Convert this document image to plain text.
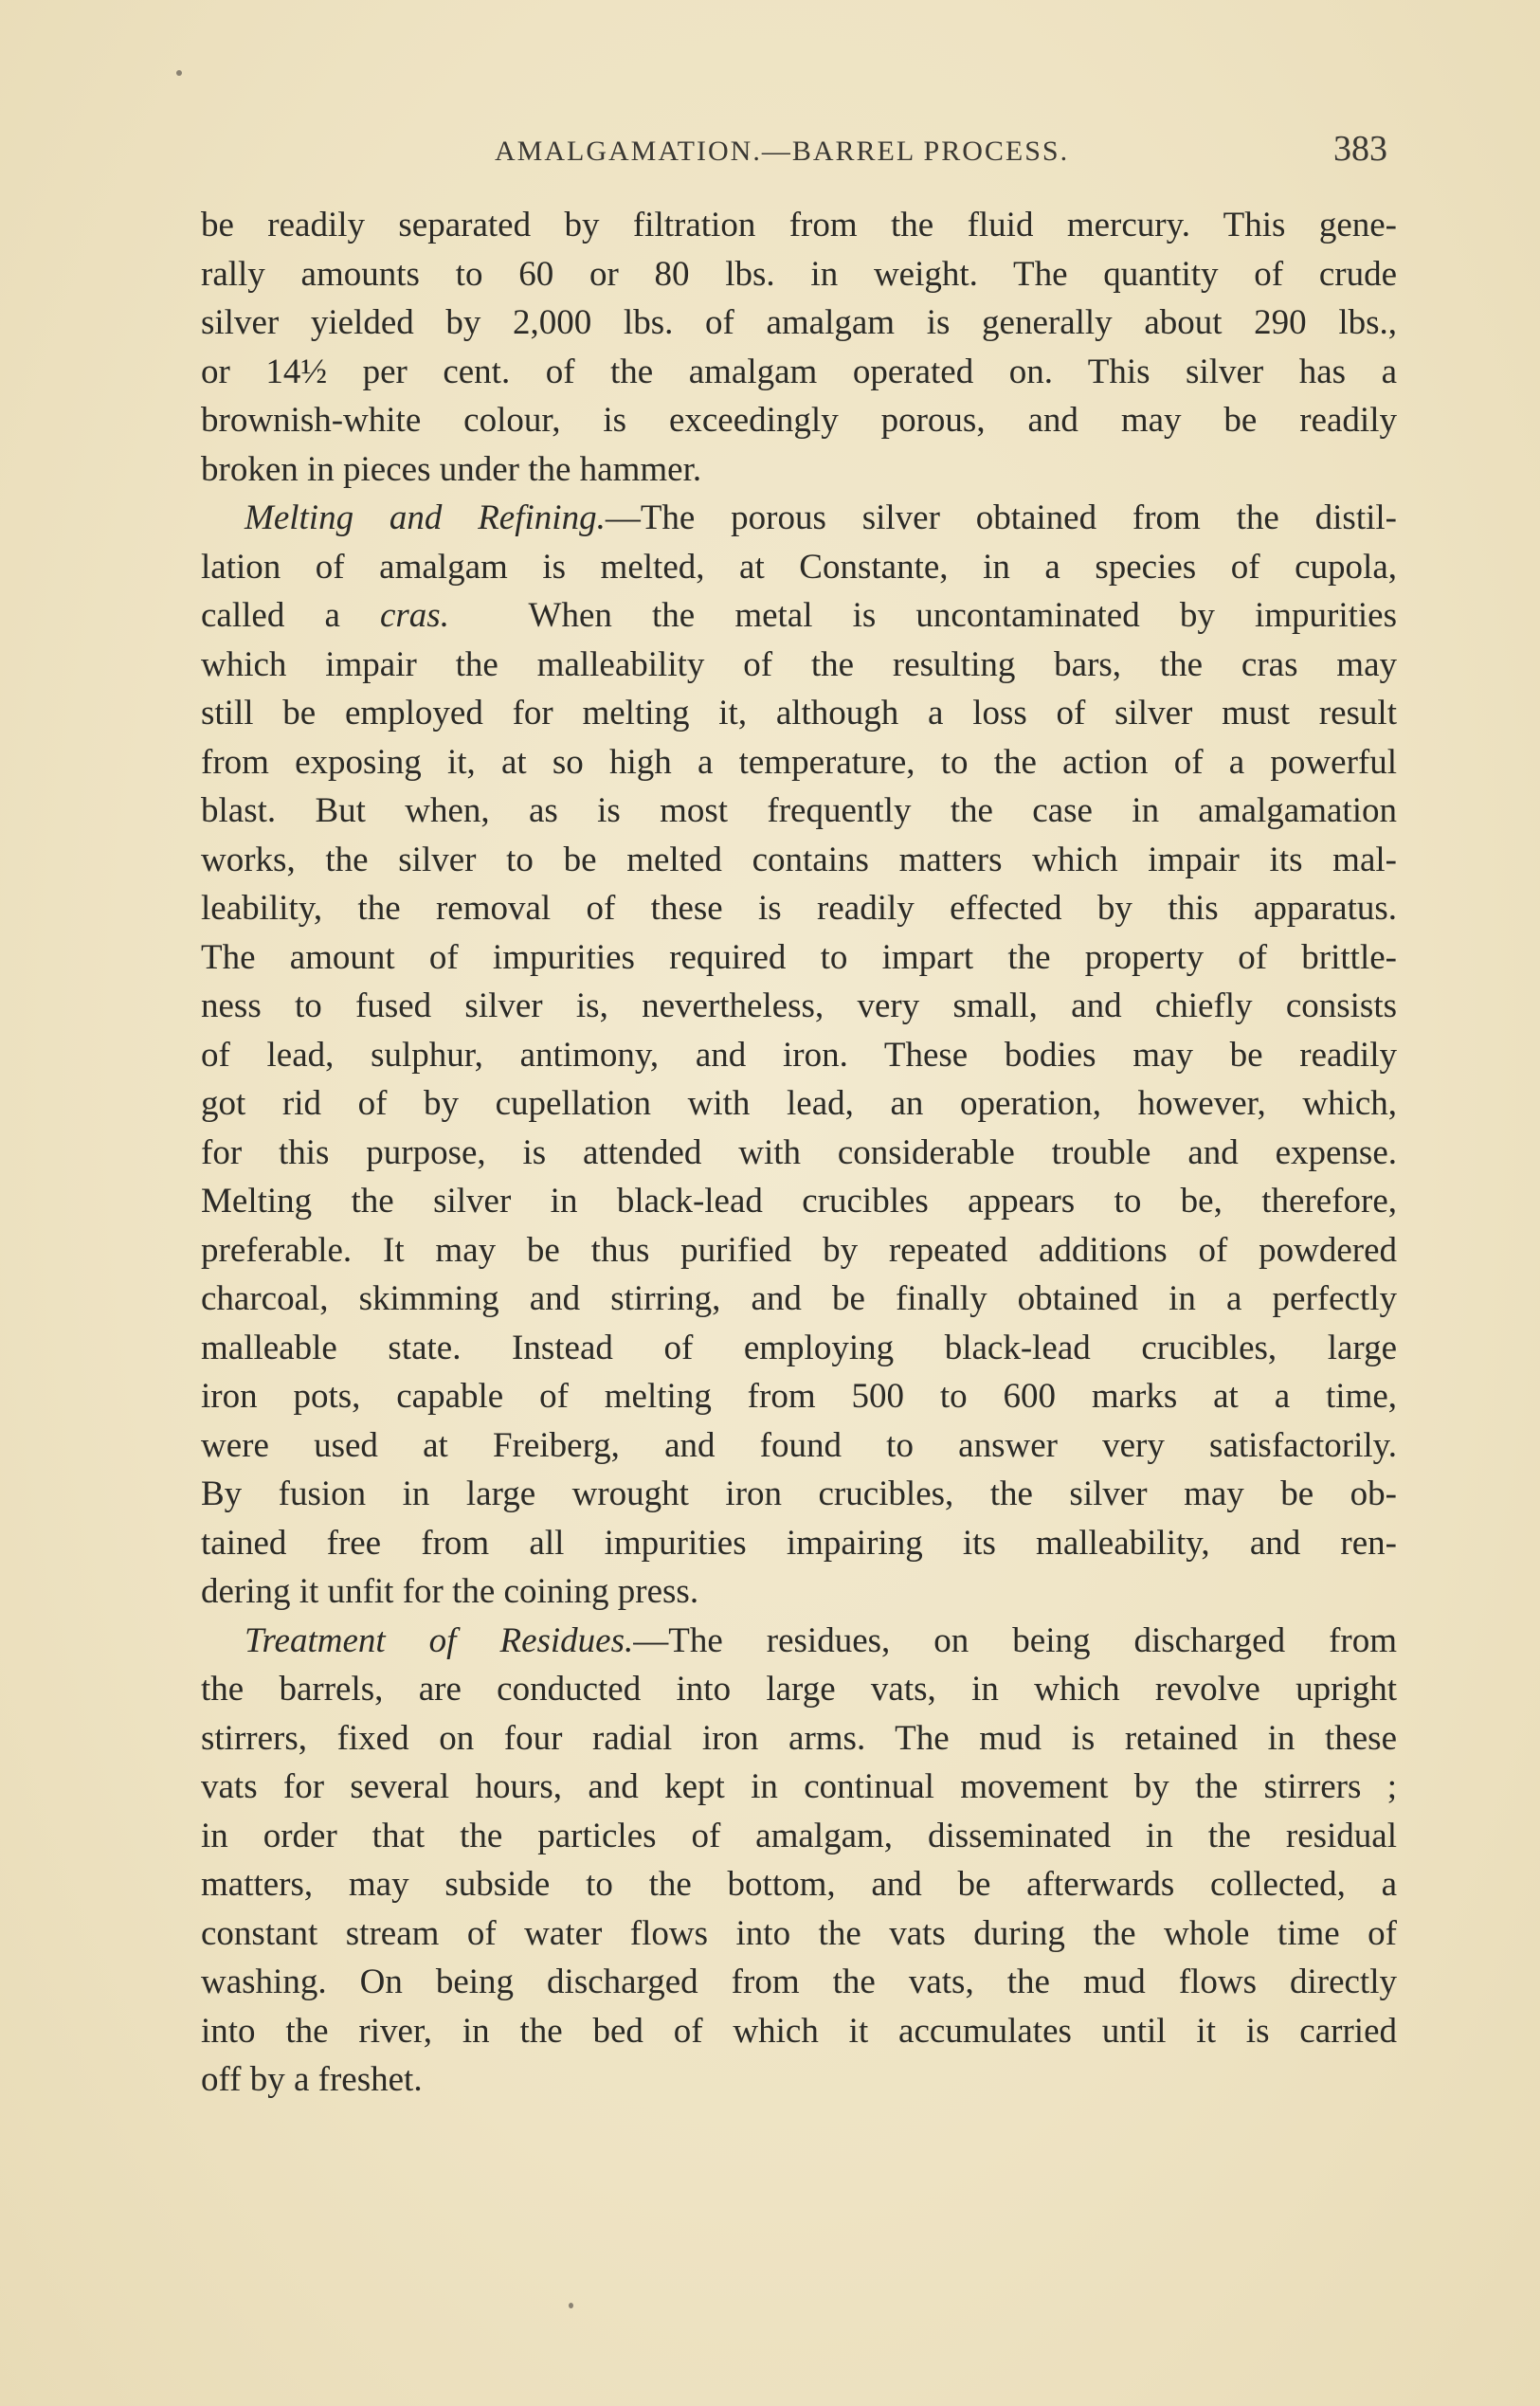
AMALGAMATION.—BARREL PROCESS.	383
be readily separated by filtration from the fluid mercury. This gene-
rally amounts to 60 or 80 lbs. in weight. The quantity of crude
silver yielded by 2,000 lbs. of amalgam is generally about 290 lbs.,
or 14½ per cent. of the amalgam operated on. This silver has a
brownish-white colour, is exceedingly porous, and may be readily
broken in pieces under the hammer.
Melting and Refining.—The porous silver obtained from the distil-
lation of amalgam is melted, at Constante, in a species of cupola,
called a cras.  When the metal is uncontaminated by impurities
which impair the malleability of the resulting bars, the cras may
still be employed for melting it, although a loss of silver must result
from exposing it, at so high a temperature, to the action of a powerful
blast. But when, as is most frequently the case in amalgamation
works, the silver to be melted contains matters which impair its mal-
leability, the removal of these is readily effected by this apparatus.
The amount of impurities required to impart the property of brittle-
ness to fused silver is, nevertheless, very small, and chiefly consists
of lead, sulphur, antimony, and iron. These bodies may be readily
got rid of by cupellation with lead, an operation, however, which,
for this purpose, is attended with considerable trouble and expense.
Melting the silver in black-lead crucibles appears to be, therefore,
preferable. It may be thus purified by repeated additions of powdered
charcoal, skimming and stirring, and be finally obtained in a perfectly
malleable state. Instead of employing black-lead crucibles, large
iron pots, capable of melting from 500 to 600 marks at a time,
were used at Freiberg, and found to answer very satisfactorily.
By fusion in large wrought iron crucibles, the silver may be ob-
tained free from all impurities impairing its malleability, and ren-
dering it unfit for the coining press.
Treatment of Residues.—The residues, on being discharged from
the barrels, are conducted into large vats, in which revolve upright
stirrers, fixed on four radial iron arms. The mud is retained in these
vats for several hours, and kept in continual movement by the stirrers ;
in order that the particles of amalgam, disseminated in the residual
matters, may subside to the bottom, and be afterwards collected, a
constant stream of water flows into the vats during the whole time of
washing. On being discharged from the vats, the mud flows directly
into the river, in the bed of which it accumulates until it is carried
off by a freshet.
